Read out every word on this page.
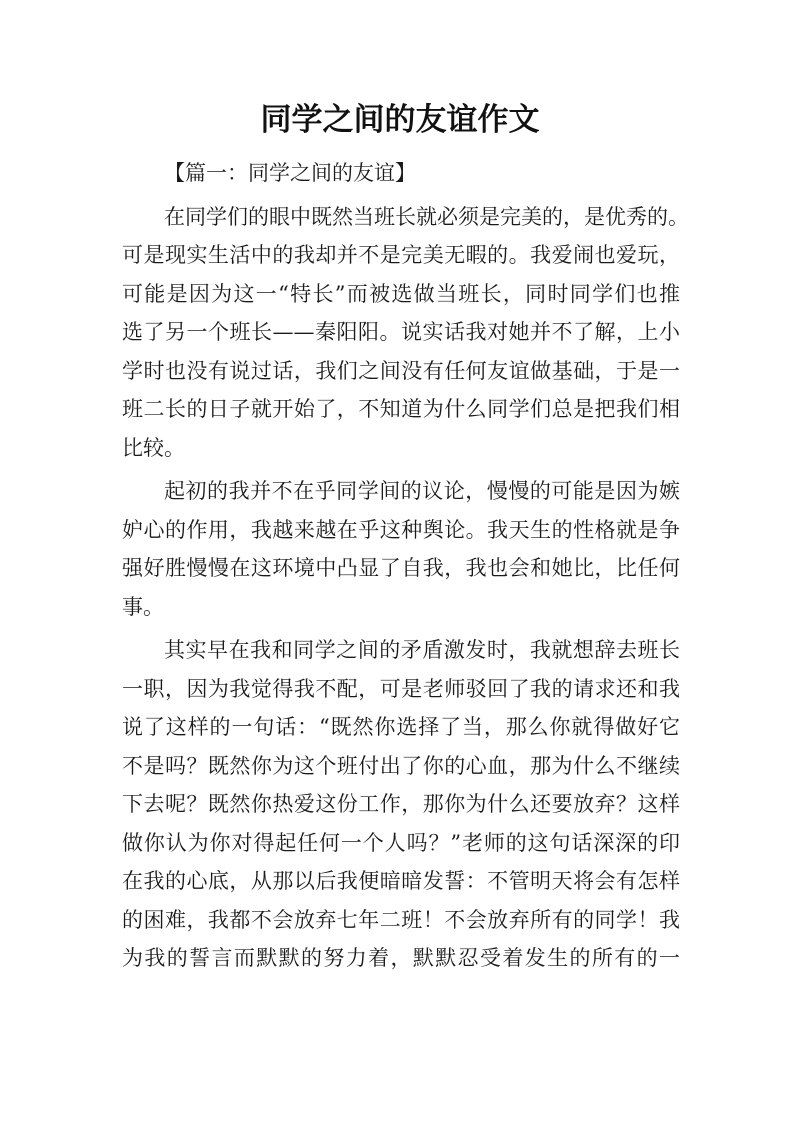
同学之间的友谊作文
【篇一：同学之间的友谊】
在同学们的眼中既然当班长就必须是完美的，是优秀的。
可是现实生活中的我却并不是完美无暇的。我爱闹也爱玩，
可能是因为这一“特长”而被选做当班长，同时同学们也推
选了另一个班长——秦阳阳。说实话我对她并不了解，上小
学时也没有说过话，我们之间没有任何友谊做基础，于是一
班二长的日子就开始了，不知道为什么同学们总是把我们相
比较。
起初的我并不在乎同学间的议论，慢慢的可能是因为嫉
妒心的作用，我越来越在乎这种舆论。我天生的性格就是争
强好胜慢慢在这环境中凸显了自我，我也会和她比，比任何
事。
其实早在我和同学之间的矛盾激发时，我就想辞去班长
一职，因为我觉得我不配，可是老师驳回了我的请求还和我
说了这样的一句话：“既然你选择了当，那么你就得做好它
不是吗？既然你为这个班付出了你的心血，那为什么不继续
下去呢？既然你热爱这份工作，那你为什么还要放弃？这样
做你认为你对得起任何一个人吗？”老师的这句话深深的印
在我的心底，从那以后我便暗暗发誓：不管明天将会有怎样
的困难，我都不会放弃七年二班！不会放弃所有的同学！我
为我的誓言而默默的努力着，默默忍受着发生的所有的一
